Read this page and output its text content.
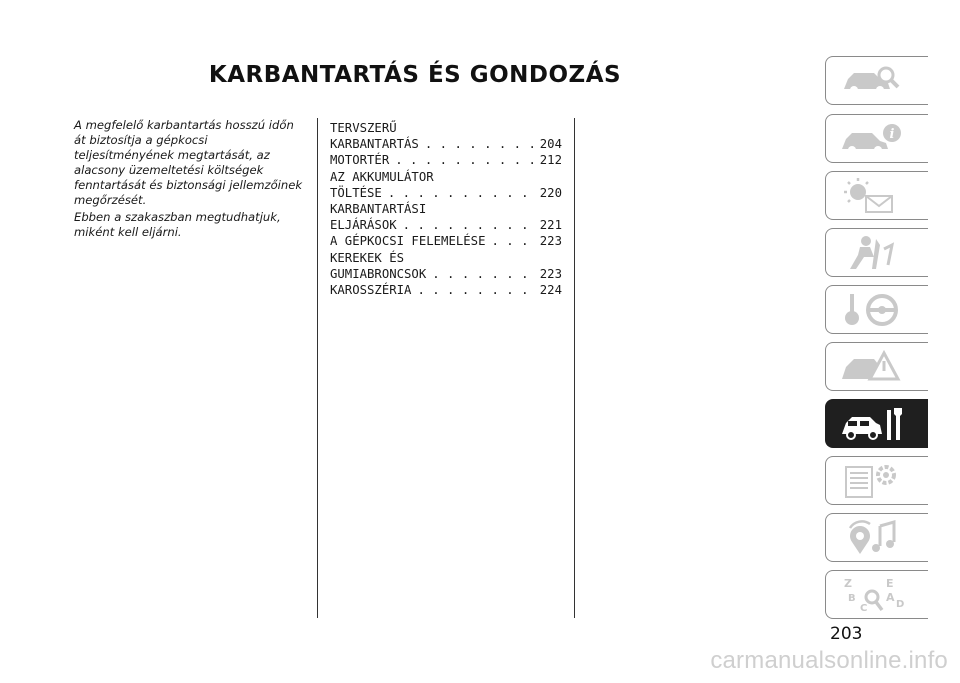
KARBANTARTÁS ÉS GONDOZÁS

A megfelelő karbantartás hosszú időn át biztosítja a gépkocsi teljesítményének megtartását, az alacsony üzemeltetési költségek fenntartását és biztonsági jellemzőinek megőrzését.

Ebben a szakaszban megtudhatjuk, miként kell eljárni.

TERVSZERŰ
KARBANTARTÁS . . .	204
MOTORTÉR . . .	212
AZ AKKUMULÁTOR
TÖLTÉSE . . .	220
KARBANTARTÁSI
ELJÁRÁSOK . . .	221
A GÉPKOCSI FELEMELÉSE . . .	223
KEREKEK ÉS
GUMIABRONCSOK . . .	223
KAROSSZÉRIA . . .	224
i
Z	E
B	A
C	D
203
carmanualsonline.info
